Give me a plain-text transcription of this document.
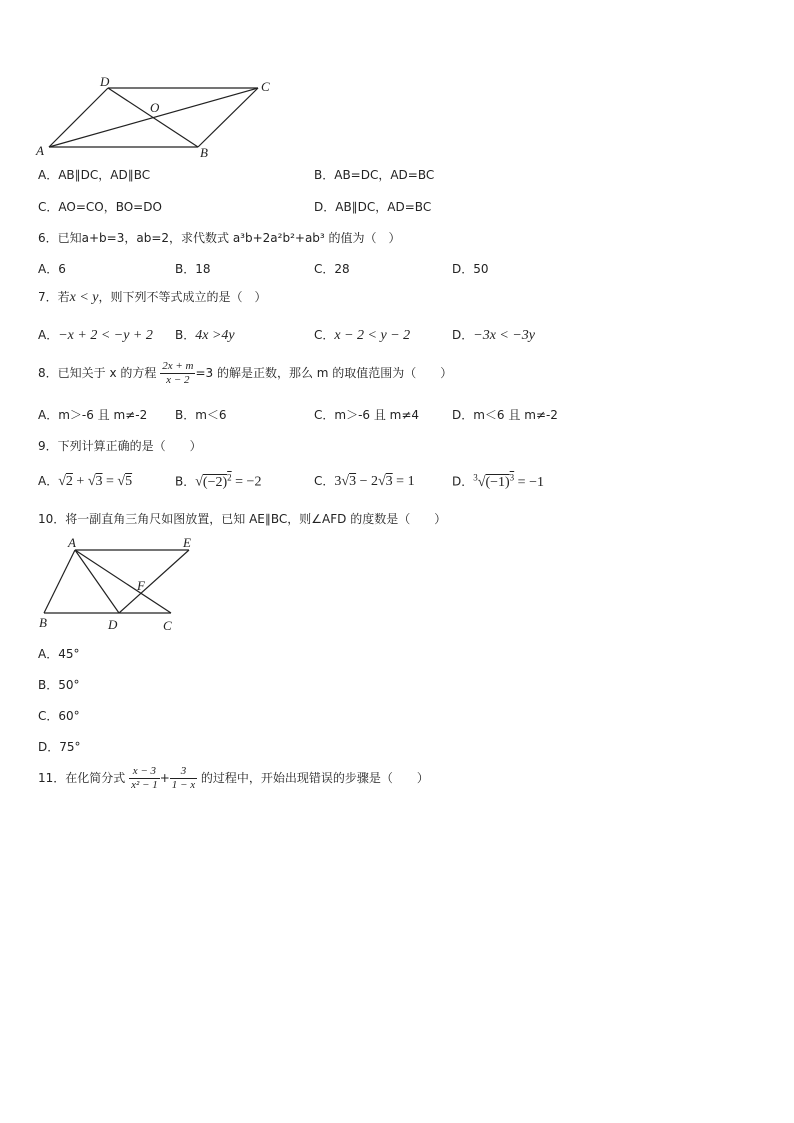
D	C
O
A	B
A．AB∥DC，AD∥BC	B．AB=DC，AD=BC
C．AO=CO，BO=DO	D．AB∥DC，AD=BC
6．已知a+b=3，ab=2，求代数式 a³b+2a²b²+ab³ 的值为（　）
A．6	B．18	C．28	D．50
7．若x < y，则下列不等式成立的是（　）
A．−x + 2 < −y + 2 B．4x >4y	C．x − 2 < y − 2	D．−3x < −3y
8．已知关于 x 的方程 $\frac{2x + m}{x - 2} =3$ 的解是正数，那么 m 的取值范围为（　　）
A．m＞-6 且 m≠-2 B．m＜6	C．m＞-6 且 m≠4	D．m＜6 且 m≠-2
9．下列计算正确的是（　　）
A．√2 + √3 = √5	B．$√(-2)^2 = -2$	C．3√3 − 2√3 = 1	D．$^3√(-1)^3 = -1$
10．将一副直角三角尺如图放置，已知 AE∥BC，则∠AFD 的度数是（　　）
A	E
F
B	D	C
A．45°
B．50°
C．60°
D．75°
11．在化简分式 $\frac{x - 3}{\text{x² − 1}} + \frac{3}{1 - x}$ 的过程中，开始出现错误的步骤是（　　）
